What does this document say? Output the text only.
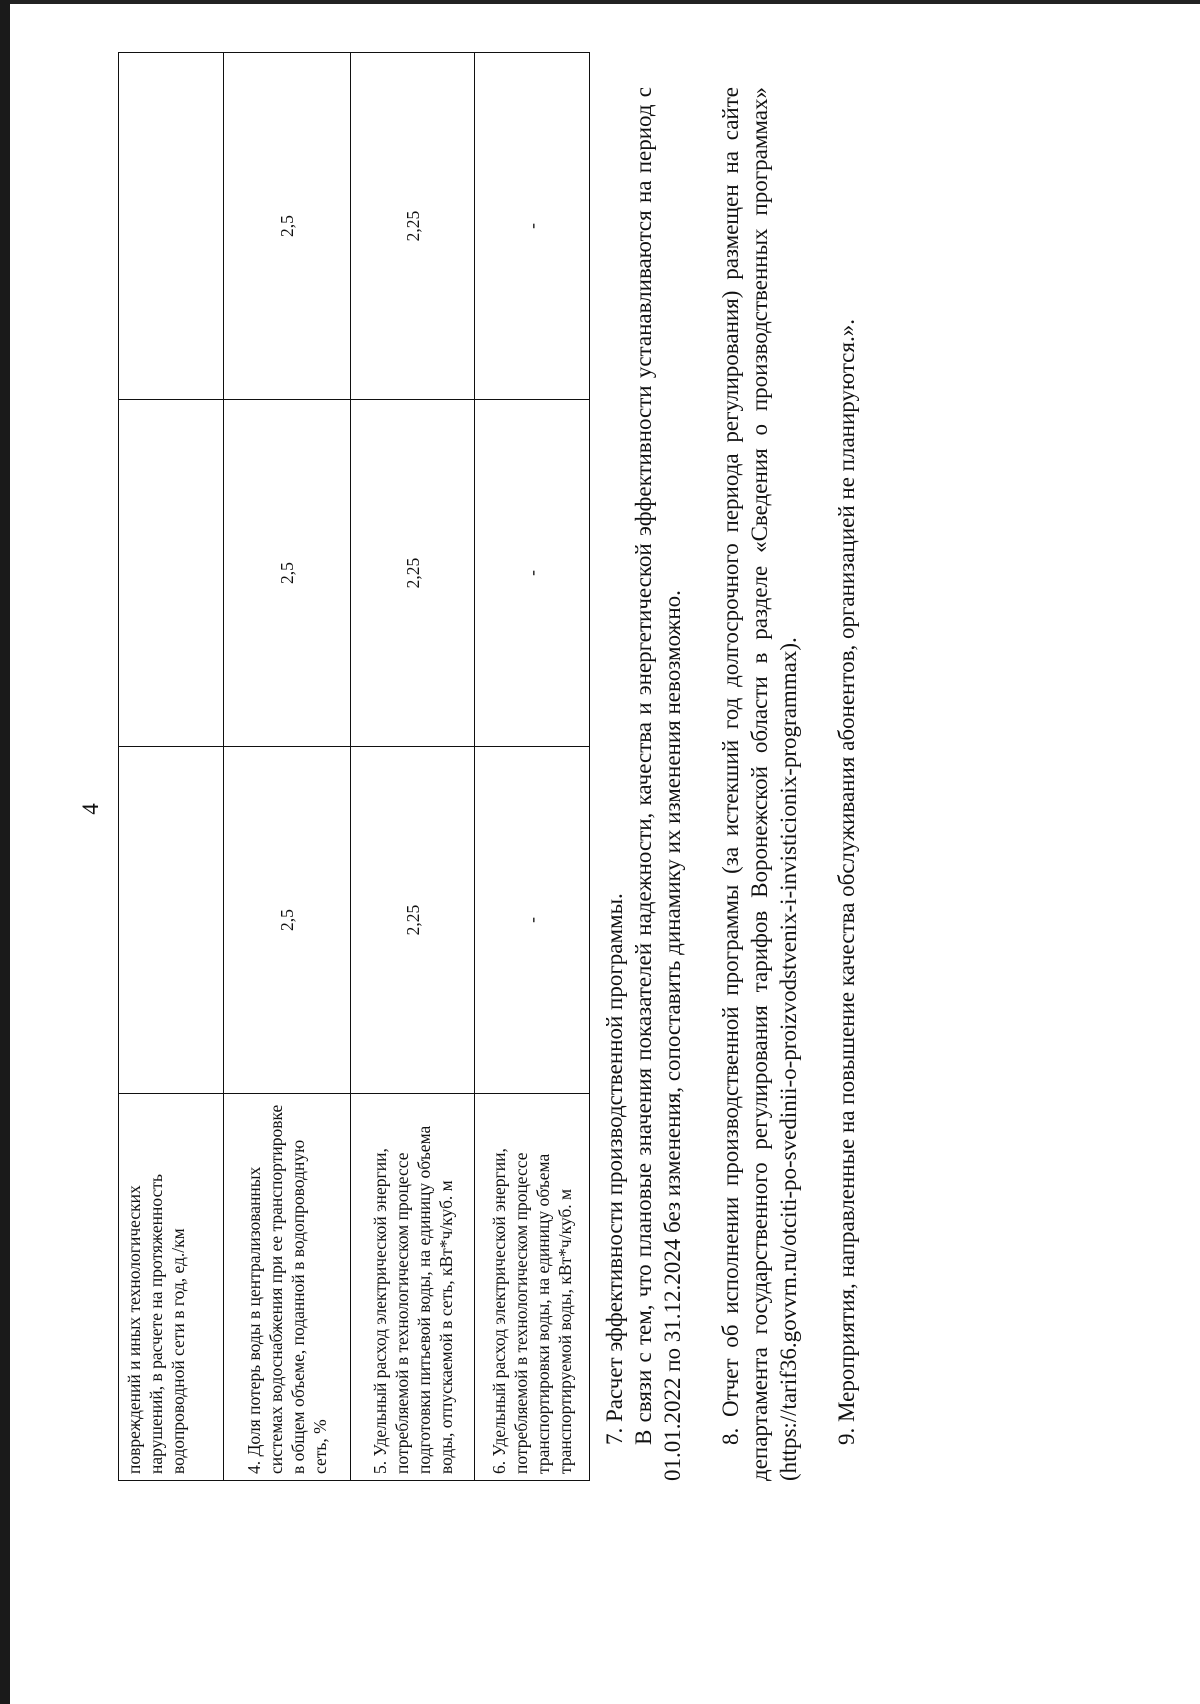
4
повреждений и иных технологических нарушений, в расчете на протяженность водопроводной сети в год, ед./км			
4. Доля потерь воды в централизованных системах водоснабжения при ее транспортировке в общем объеме, поданной в водопроводную сеть, %	2,5	2,5	2,5
5. Удельный расход электрической энергии, потребляемой в технологическом процессе подготовки питьевой воды, на единицу объема воды, отпускаемой в сеть, кВт*ч/куб. м	2,25	2,25	2,25
6. Удельный расход электрической энергии, потребляемой в технологическом процессе транспортировки воды, на единицу объема транспортируемой воды, кВт*ч/куб. м	-	-	-

7. Расчет эффективности производственной программы. В связи с тем, что плановые значения показателей надежности, качества и энергетической эффективности устанавливаются на период с 01.01.2022 по 31.12.2024 без изменения, сопоставить динамику их изменения невозможно. 8. Отчет об исполнении производственной программы (за истекший год долгосрочного периода регулирования) размещен на сайте департамента государственного регулирования тарифов Воронежской области в разделе «Сведения о производственных программах» (https://tarif36.govvrn.ru/otciti-po-svedinii-o-proizvodstvenix-i-invisticionix-programmax). 9. Мероприятия, направленные на повышение качества обслуживания абонентов, организацией не планируются.».
